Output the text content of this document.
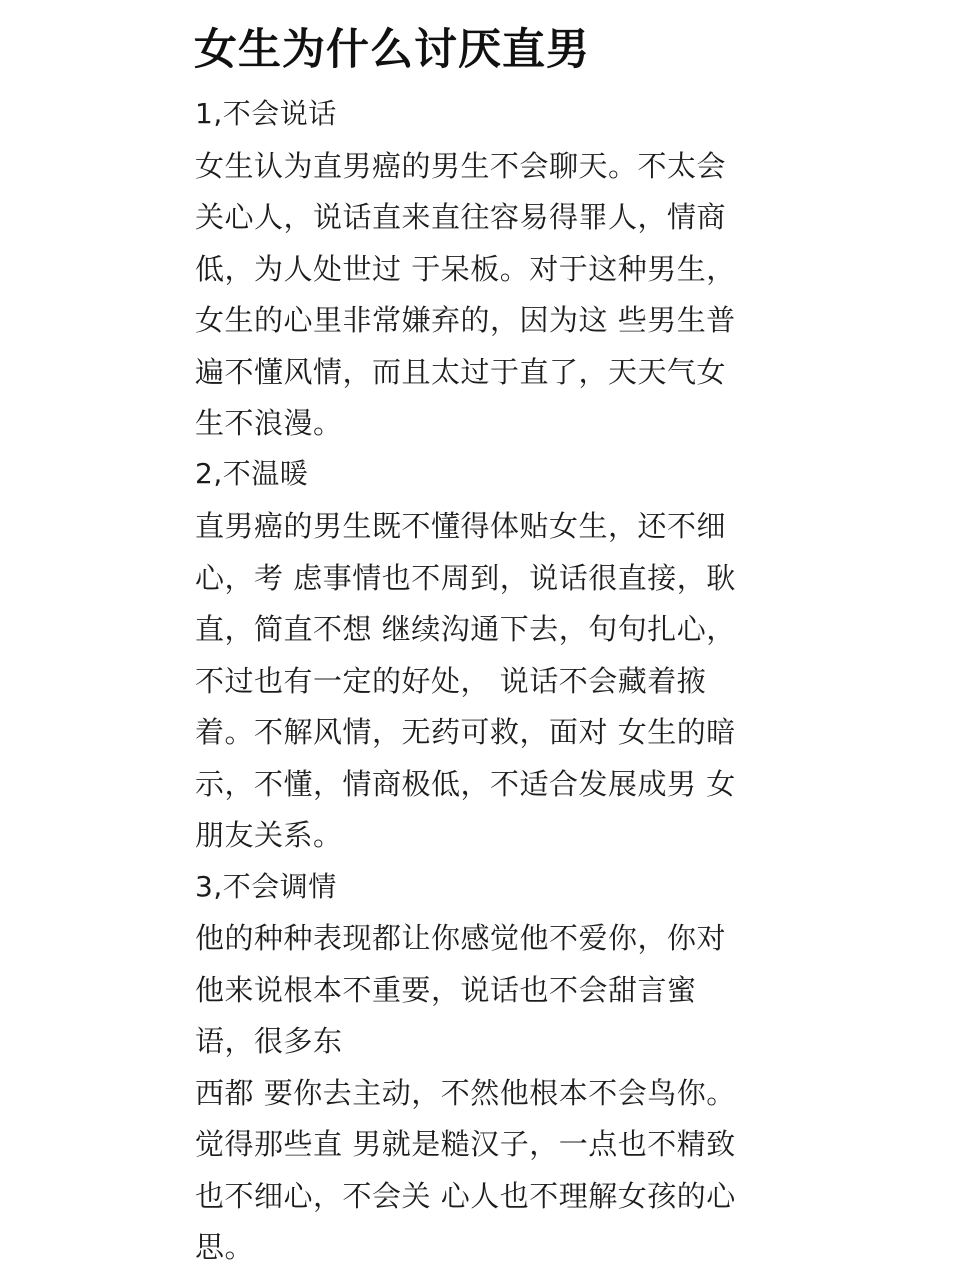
女生为什么讨厌直男
1,不会说话
女生认为直男癌的男生不会聊天。不太会
关心人，说话直来直往容易得罪人，情商
低，为人处世过 于呆板。对于这种男生，
女生的心里非常嫌弃的，因为这 些男生普
遍不懂风情，而且太过于直了，天天气女
生不浪漫。
2,不温暖
直男癌的男生既不懂得体贴女生，还不细
心，考 虑事情也不周到，说话很直接，耿
直，简直不想 继续沟通下去，句句扎心，
不过也有一定的好处， 说话不会藏着掖
着。不解风情，无药可救，面对 女生的暗
示，不懂，情商极低，不适合发展成男 女
朋友关系。
3,不会调情
他的种种表现都让你感觉他不爱你，你对
他来说根本不重要，说话也不会甜言蜜
语，很多东
西都 要你去主动，不然他根本不会鸟你。
觉得那些直 男就是糙汉子，一点也不精致
也不细心，不会关 心人也不理解女孩的心
思。
